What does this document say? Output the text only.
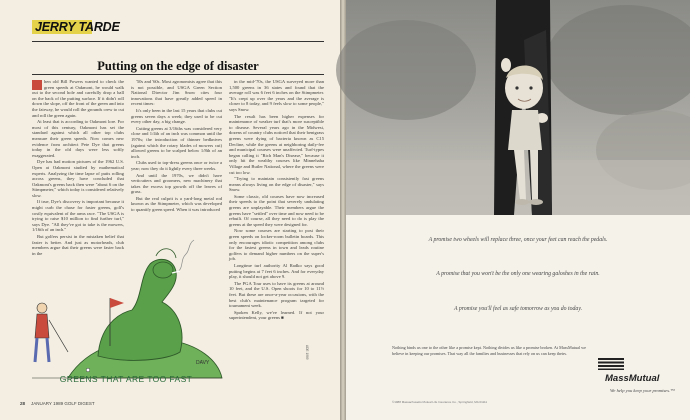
JERRY TARDE
Putting on the edge of disaster

hen old Bill Powers wanted to check the green speeds at Oakmont, he would walk out to the second hole and carefully drop a ball on the back of the putting surface. If it didn't roll down the slope, off the front of the green and into the fairway, he would roll the grounds crew to cut and roll the green again.

At least that is according to Oakmont lore. For most of this century, Oakmont has set the standard against which all other top clubs measure their green speeds. Now comes new evidence from architect Pete Dye that greens today in the old days were less softly exaggerated.

Dye has had motion pictures of the 1962 U.S. Open at Oakmont studied by mathematical experts. Analyzing the time lapse of putts rolling across greens, they have concluded that Oakmont's greens back then were "about 6 on the Stimpmeter," which today is considered relatively slow.

If true, Dye's discovery is important because it might curb the chase for faster greens, golf's costly equivalent of the arms race. "The USGA is trying to raise $10 million to find further turf," says Dye. "All they've got to take is the mowers, 1/16th of an inch."

But golfers persist in the mistaken belief that faster is better. And just as motorheads, club members argue that their greens were faster back in the

'50s and '60s. Most agronomists agree that this is not possible, and USGA Green Section National Director Jim Snow cites four innovations that have greatly added speed in recent times:

It's only been in the last 15 years that clubs cut greens seven days a week; they used to be cut every other day, a big change.

Cutting greens at 3/16ths was considered very close and 1/4th of an inch was common until the 1970s; the introduction of thinner bedknives (against which the rotary blades of mowers cut) allowed greens to be scalped below 1/8th of an inch.

Clubs used to top-dress greens once or twice a year; now they do it lightly every three weeks.

And until the 1970s, we didn't have verticutters and groomers, new machinery that takes the excess top growth off the leaves of grass.

But the real culprit is a yard-long metal rod known as the Stimpmeter, which was developed to quantify green speed. When it was introduced

in the mid-'70s, the USGA surveyed more than 1,500 greens in 36 states and found that the average roll was 6 feet 6 inches on the Stimpmeter. "It's crept up over the years and the average is closer to 8 today, and 9 feels slow to some people," says Snow.

The result has been higher expenses for maintenance of weaker turf that's more susceptible to disease. Several years ago in the Midwest, dozens of country clubs noticed that their bentgrass greens were dying of bacteria known as C15 Decline, while the greens at neighboring daily-fee and municipal courses were unaffected. Turf-types began calling it "Rich Man's Disease," because it only hit the wealthy courses like Minnehaha Village and Butler National, where the greens were cut too low.

"Trying to maintain consistently fast greens means always living on the edge of disaster," says Snow.

Some classic, old courses have now increased their speeds to the point that severely undulating greens are unplayable. Their members argue the greens have "settled" over time and now need to be rebuilt. Of course, all they need to do is play the greens at the speed they were designed for.

Now some courses are starting to post their green speeds on locker-room bulletin boards. This only encourages idiotic competition among clubs for the fastest greens in town and leads routine golfers to demand higher numbers on the super's job.

Longtime turf authority Al Radko says good putting begins at 7 feet 6 inches. And for everyday play, it should not get above 9.

The PGA Tour uses to have its greens at around 10 feet, and the U.S. Open shoots for 10 to 11½ feet. But these are once-a-year occasions, with the best club's maintenance program targeted for tournament week.

Spoken Kelly, we've learned. If not your superintendent, your greens ■

DAVY
GREENS THAT ARE TOO FAST
ADE 1989
28 JANUARY 1989 GOLF DIGEST
A promise two wheels will replace three, once your feet can reach the pedals.
A promise that you won't be the only one wearing galoshes in the rain.
A promise you'll feel as safe tomorrow as you do today.
Nothing binds us one to the other like a promise kept. Nothing divides us like a promise broken. At MassMutual we believe in keeping our promises. That way all the families and businesses that rely on us can keep theirs.
©1988 Massachusetts Mutual Life Insurance Co., Springfield, MA 01111
MassMutual
We help you keep your promises.™
